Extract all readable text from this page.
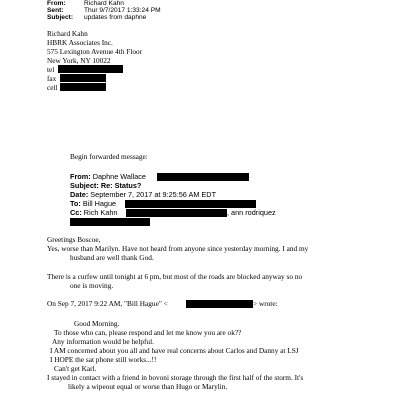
From:	Richard Kahn
Sent:	Thur 9/7/2017 1:33:24 PM
Subject: updates from daphne
Richard Kahn
HBRK Associates Inc.
575 Lexington Avenue 4th Floor
New York, NY 10022
tel
fax
cell
Begin forwarded message:
From: Daphne Wallace
Subject: Re: Status?
Date: September 7, 2017 at 9:25:56 AM EDT
To: Bill Hague
Cc: Rich Kahn	, ann rodriquez
Greetings Boscoe,
Yes, worse than Marilyn. Have not heard from anyone since yesterday morning. I and my
husband are well thank God.
There is a curfew until tonight at 6 pm, but most of the roads are blocked anyway so no
one is moving.
On Sep 7, 2017 9:22 AM, "Bill Hague" <	> wrote:
Good Morning.
To those who can, please respond and let me know you are ok??
Any information would be helpful.
I AM concerned about you all and have real concerns about Carlos and Danny at LSJ
I HOPE the sat phone still works...!!
Can't get Karl.
I stayed in contact with a friend in bovoni storage through the first half of the storm. It's
likely a wipeout equal or worse than Hugo or Marylin.
